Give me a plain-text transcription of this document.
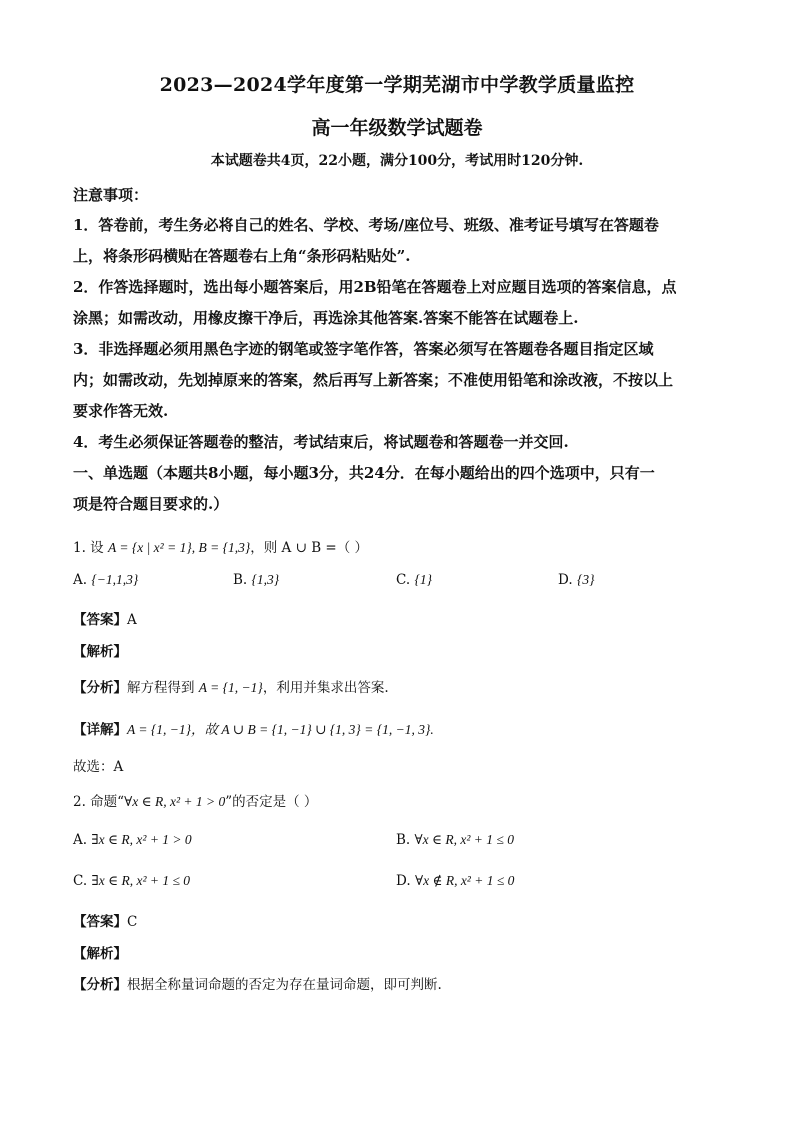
2023—2024学年度第一学期芜湖市中学教学质量监控
高一年级数学试题卷
本试题卷共4页，22小题，满分100分，考试用时120分钟.
注意事项：
1．答卷前，考生务必将自己的姓名、学校、考场/座位号、班级、准考证号填写在答题卷
上，将条形码横贴在答题卷右上角“条形码粘贴处”.
2．作答选择题时，选出每小题答案后，用2B铅笔在答题卷上对应题目选项的答案信息，点
涂黑；如需改动，用橡皮擦干净后，再选涂其他答案.答案不能答在试题卷上.
3．非选择题必须用黑色字迹的钢笔或签字笔作答，答案必须写在答题卷各题目指定区域
内；如需改动，先划掉原来的答案，然后再写上新答案；不准使用铅笔和涂改液，不按以上
要求作答无效.
4．考生必须保证答题卷的整洁，考试结束后，将试题卷和答题卷一并交回.
一、单选题（本题共8小题，每小题3分，共24分．在每小题给出的四个选项中，只有一
项是符合题目要求的.）
1. 设 A = {x | x² = 1}, B = {1,3}，则 A ∪ B =（ ）
A. {−1,1,3}	B. {1,3}	C. {1}	D. {3}
【答案】A
【解析】
【分析】解方程得到 A = {1, −1}，利用并集求出答案.
【详解】A = {1, −1}，故 A ∪ B = {1, −1} ∪ {1, 3} = {1, −1, 3}.
故选：A
2. 命题“∀x ∈ R, x² + 1 > 0”的否定是（ ）
A. ∃x ∈ R, x² + 1 > 0	B. ∀x ∈ R, x² + 1 ≤ 0
C. ∃x ∈ R, x² + 1 ≤ 0	D. ∀x ∉ R, x² + 1 ≤ 0
【答案】C
【解析】
【分析】根据全称量词命题的否定为存在量词命题，即可判断.
